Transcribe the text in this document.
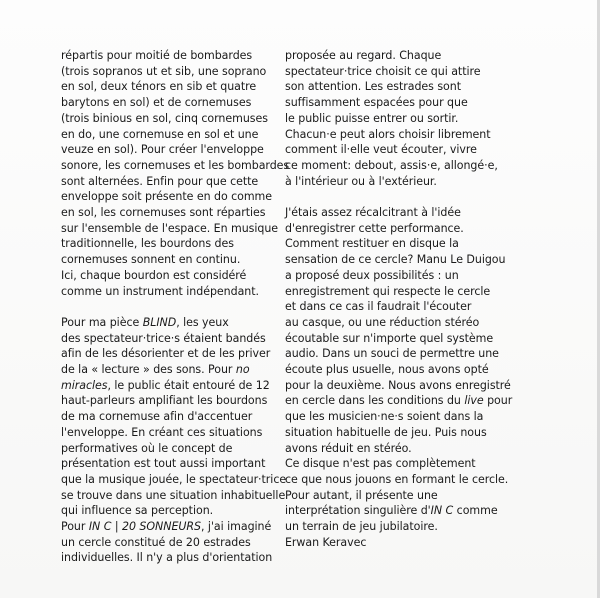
répartis pour moitié de bombardes
(trois sopranos ut et sib, une soprano
en sol, deux ténors en sib et quatre
barytons en sol) et de cornemuses
(trois binious en sol, cinq cornemuses
en do, une cornemuse en sol et une
veuze en sol). Pour créer l'enveloppe
sonore, les cornemuses et les bombardes
sont alternées. Enfin pour que cette
enveloppe soit présente en do comme
en sol, les cornemuses sont réparties
sur l'ensemble de l'espace. En musique
traditionnelle, les bourdons des
cornemuses sonnent en continu.
Ici, chaque bourdon est considéré
comme un instrument indépendant.

Pour ma pièce BLIND, les yeux
des spectateur·trice·s étaient bandés
afin de les désorienter et de les priver
de la « lecture » des sons. Pour no
miracles, le public était entouré de 12
haut-parleurs amplifiant les bourdons
de ma cornemuse afin d'accentuer
l'enveloppe. En créant ces situations
performatives où le concept de
présentation est tout aussi important
que la musique jouée, le spectateur·trice
se trouve dans une situation inhabituelle
qui influence sa perception.
Pour IN C | 20 SONNEURS, j'ai imaginé
un cercle constitué de 20 estrades
individuelles. Il n'y a plus d'orientation

proposée au regard. Chaque
spectateur·trice choisit ce qui attire
son attention. Les estrades sont
suffisamment espacées pour que
le public puisse entrer ou sortir.
Chacun·e peut alors choisir librement
comment il·elle veut écouter, vivre
ce moment: debout, assis·e, allongé·e,
à l'intérieur ou à l'extérieur.

J'étais assez récalcitrant à l'idée
d'enregistrer cette performance.
Comment restituer en disque la
sensation de ce cercle? Manu Le Duigou
a proposé deux possibilités : un
enregistrement qui respecte le cercle
et dans ce cas il faudrait l'écouter
au casque, ou une réduction stéréo
écoutable sur n'importe quel système
audio. Dans un souci de permettre une
écoute plus usuelle, nous avons opté
pour la deuxième. Nous avons enregistré
en cercle dans les conditions du live pour
que les musicien·ne·s soient dans la
situation habituelle de jeu. Puis nous
avons réduit en stéréo.
Ce disque n'est pas complètement
ce que nous jouons en formant le cercle.
Pour autant, il présente une
interprétation singulière d'IN C comme
un terrain de jeu jubilatoire.

Erwan Keravec
